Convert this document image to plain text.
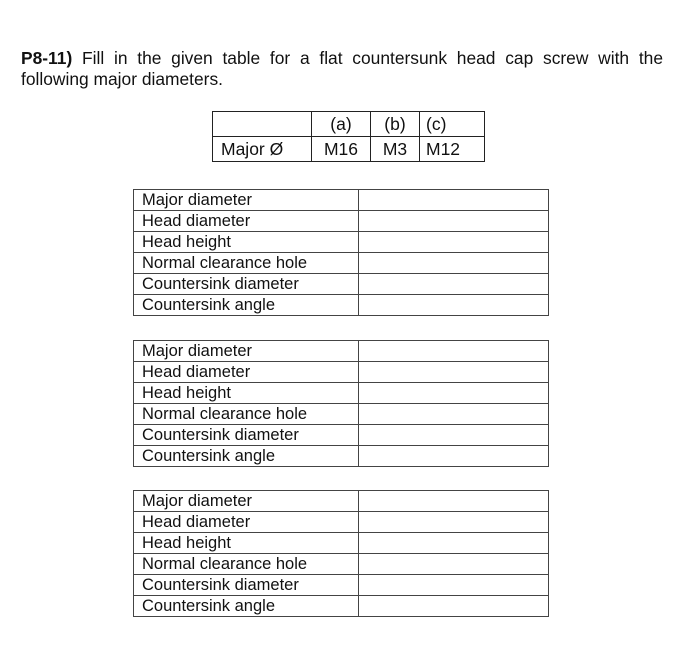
P8-11) Fill in the given table for a flat countersunk head cap screw with the following major diameters.
	(a)	(b)	(c)
Major Ø	M16	M3	M12
Major diameter	
Head diameter	
Head height	
Normal clearance hole	
Countersink diameter	
Countersink angle	
Major diameter	
Head diameter	
Head height	
Normal clearance hole	
Countersink diameter	
Countersink angle	
Major diameter	
Head diameter	
Head height	
Normal clearance hole	
Countersink diameter	
Countersink angle	
